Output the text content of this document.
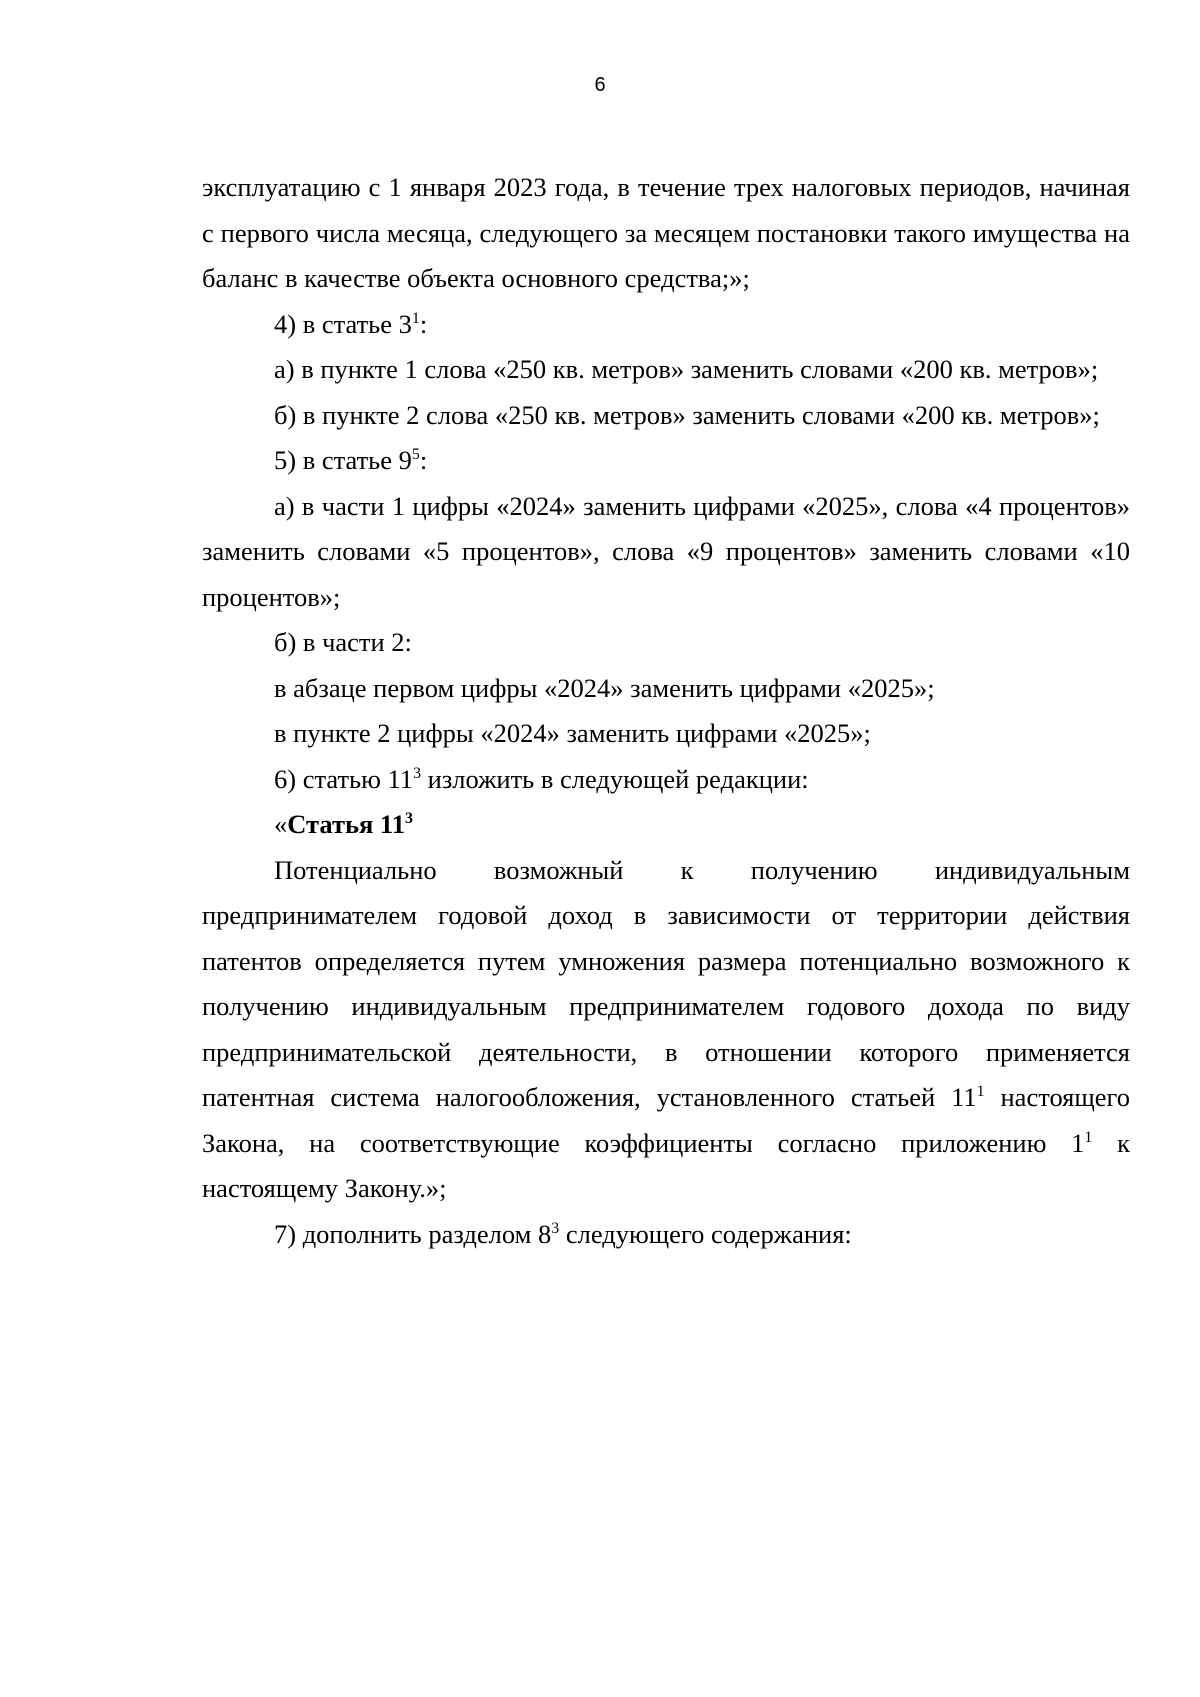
6

эксплуатацию с 1 января 2023 года, в течение трех налоговых периодов, начиная с первого числа месяца, следующего за месяцем постановки такого имущества на баланс в качестве объекта основного средства;»;

4) в статье $3^1$:

а) в пункте 1 слова «250 кв. метров» заменить словами «200 кв. метров»;

б) в пункте 2 слова «250 кв. метров» заменить словами «200 кв. метров»;

5) в статье $9^5$:

а) в части 1 цифры «2024» заменить цифрами «2025», слова «4 процентов» заменить словами «5 процентов», слова «9 процентов» заменить словами «10 процентов»;

б) в части 2:

в абзаце первом цифры «2024» заменить цифрами «2025»;

в пункте 2 цифры «2024» заменить цифрами «2025»;

6) статью $11^3$ изложить в следующей редакции:

«Статья $11^3$

Потенциально возможный к получению индивидуальным предпринимателем годовой доход в зависимости от территории действия патентов определяется путем умножения размера потенциально возможного к получению индивидуальным предпринимателем годового дохода по виду предпринимательской деятельности, в отношении которого применяется патентная система налогообложения, установленного статьей $11^1$ настоящего Закона, на соответствующие коэффициенты согласно приложению $1^1$ к настоящему Закону.»;

7) дополнить разделом $8^3$ следующего содержания:
